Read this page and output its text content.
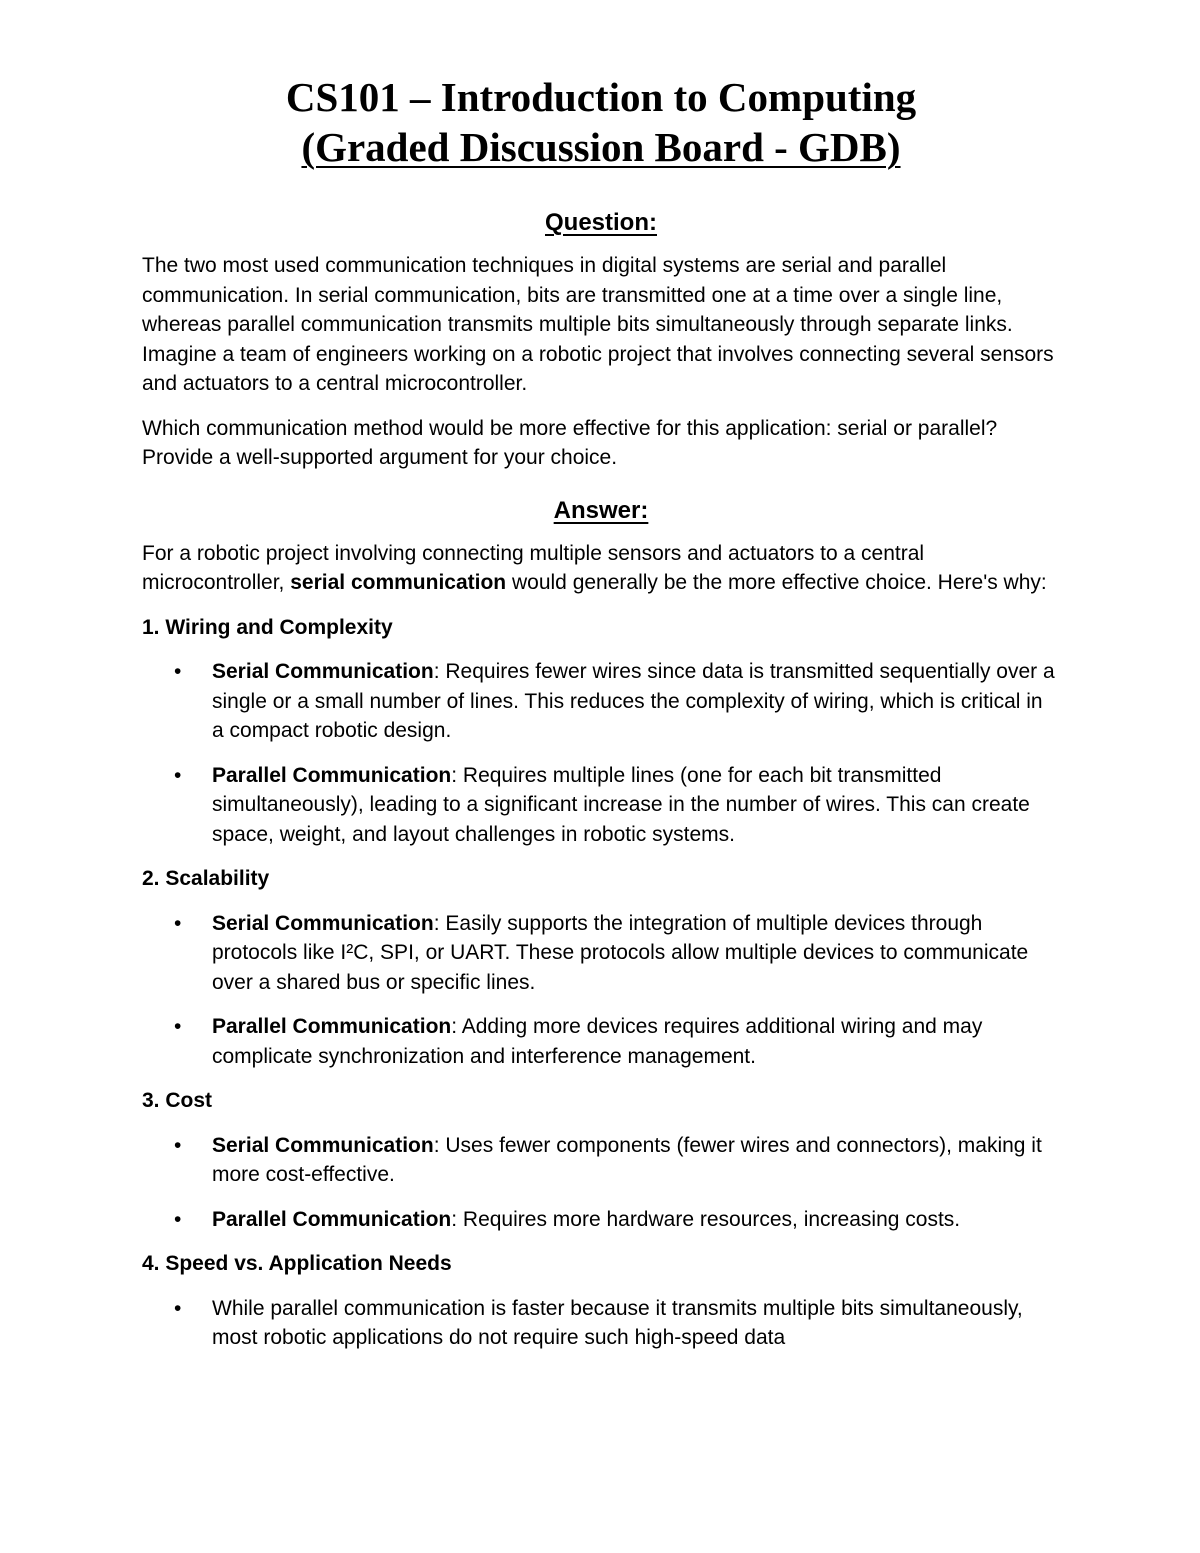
CS101 – Introduction to Computing
(Graded Discussion Board - GDB)
Question:

The two most used communication techniques in digital systems are serial and parallel communication. In serial communication, bits are transmitted one at a time over a single line, whereas parallel communication transmits multiple bits simultaneously through separate links. Imagine a team of engineers working on a robotic project that involves connecting several sensors and actuators to a central microcontroller.

Which communication method would be more effective for this application: serial or parallel? Provide a well-supported argument for your choice.

Answer:

For a robotic project involving connecting multiple sensors and actuators to a central microcontroller, serial communication would generally be the more effective choice. Here's why:

1. Wiring and Complexity
• Serial Communication: Requires fewer wires since data is transmitted sequentially over a single or a small number of lines. This reduces the complexity of wiring, which is critical in a compact robotic design.
• Parallel Communication: Requires multiple lines (one for each bit transmitted simultaneously), leading to a significant increase in the number of wires. This can create space, weight, and layout challenges in robotic systems.
2. Scalability
• Serial Communication: Easily supports the integration of multiple devices through protocols like I²C, SPI, or UART. These protocols allow multiple devices to communicate over a shared bus or specific lines.
• Parallel Communication: Adding more devices requires additional wiring and may complicate synchronization and interference management.
3. Cost
• Serial Communication: Uses fewer components (fewer wires and connectors), making it more cost-effective.
• Parallel Communication: Requires more hardware resources, increasing costs.
4. Speed vs. Application Needs
• While parallel communication is faster because it transmits multiple bits simultaneously, most robotic applications do not require such high-speed data
